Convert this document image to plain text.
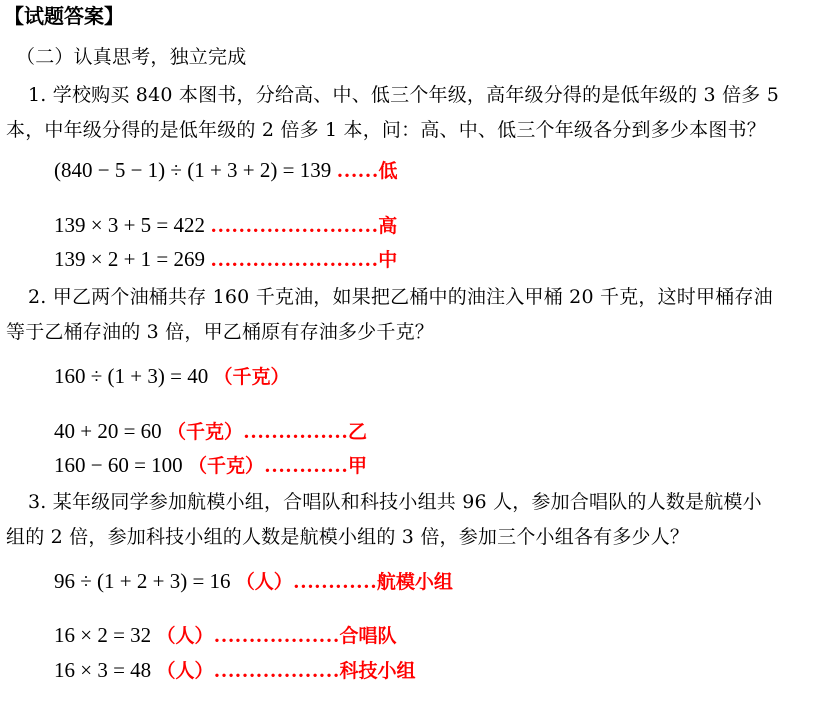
【试题答案】
（二）认真思考，独立完成
1. 学校购买 840 本图书，分给高、中、低三个年级，高年级分得的是低年级的 3 倍多 5
本，中年级分得的是低年级的 2 倍多 1 本，问：高、中、低三个年级各分到多少本图书？
(840 − 5 − 1) ÷ (1 + 3 + 2) = 139 ……低
139 × 3 + 5 = 422 ……………………高
139 × 2 + 1 = 269 ……………………中
2. 甲乙两个油桶共存 160 千克油，如果把乙桶中的油注入甲桶 20 千克，这时甲桶存油
等于乙桶存油的 3 倍，甲乙桶原有存油多少千克？
160 ÷ (1 + 3) = 40 （千克）
40 + 20 = 60 （千克）……………乙
160 − 60 = 100 （千克）…………甲
3. 某年级同学参加航模小组，合唱队和科技小组共 96 人，参加合唱队的人数是航模小
组的 2 倍，参加科技小组的人数是航模小组的 3 倍，参加三个小组各有多少人？
96 ÷ (1 + 2 + 3) = 16 （人）…………航模小组
16 × 2 = 32 （人）………………合唱队
16 × 3 = 48 （人）………………科技小组
